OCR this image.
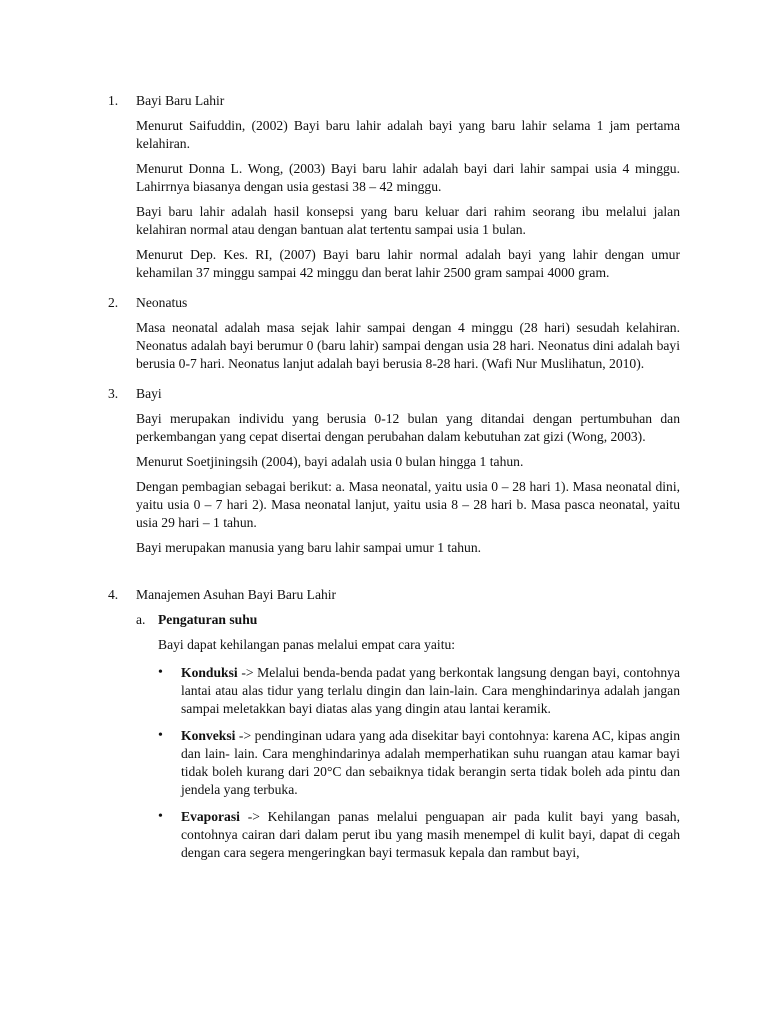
1.	Bayi Baru Lahir

Menurut Saifuddin, (2002) Bayi baru lahir adalah bayi yang baru lahir selama 1 jam pertama kelahiran.

Menurut Donna L. Wong, (2003) Bayi baru lahir adalah bayi dari lahir sampai usia 4 minggu. Lahirrnya biasanya dengan usia gestasi 38 – 42 minggu.

Bayi baru lahir adalah hasil konsepsi yang baru keluar dari rahim seorang ibu melalui jalan kelahiran normal atau dengan bantuan alat tertentu sampai usia 1 bulan.

Menurut Dep. Kes. RI, (2007) Bayi baru lahir normal adalah bayi yang lahir dengan umur kehamilan 37 minggu sampai 42 minggu dan berat lahir 2500 gram sampai 4000 gram.

2.	Neonatus

Masa neonatal adalah masa sejak lahir sampai dengan 4 minggu (28 hari) sesudah kelahiran. Neonatus adalah bayi berumur 0 (baru lahir) sampai dengan usia 28 hari. Neonatus dini adalah bayi berusia 0-7 hari. Neonatus lanjut adalah bayi berusia 8-28 hari. (Wafi Nur Muslihatun, 2010).

3.	Bayi

Bayi merupakan individu yang berusia 0-12 bulan yang ditandai dengan pertumbuhan dan perkembangan yang cepat disertai dengan perubahan dalam kebutuhan zat gizi (Wong, 2003).

Menurut Soetjiningsih (2004), bayi adalah usia 0 bulan hingga 1 tahun.

Dengan pembagian sebagai berikut: a. Masa neonatal, yaitu usia 0 – 28 hari 1). Masa neonatal dini, yaitu usia 0 – 7 hari 2). Masa neonatal lanjut, yaitu usia 8 – 28 hari b. Masa pasca neonatal, yaitu usia 29 hari – 1 tahun.

Bayi merupakan manusia yang baru lahir sampai umur 1 tahun.

4.	Manajemen Asuhan Bayi Baru Lahir
a. Pengaturan suhu

Bayi dapat kehilangan panas melalui empat cara yaitu:

•	Konduksi -> Melalui benda-benda padat yang berkontak langsung dengan bayi, contohnya lantai atau alas tidur yang terlalu dingin dan lain-lain. Cara menghindarinya adalah jangan sampai meletakkan bayi diatas alas yang dingin atau lantai keramik.
•	Konveksi -> pendinginan udara yang ada disekitar bayi contohnya: karena AC, kipas angin dan lain- lain. Cara menghindarinya adalah memperhatikan suhu ruangan atau kamar bayi tidak boleh kurang dari 20°C dan sebaiknya tidak berangin serta tidak boleh ada pintu dan jendela yang terbuka.
•	Evaporasi -> Kehilangan panas melalui penguapan air pada kulit bayi yang basah, contohnya cairan dari dalam perut ibu yang masih menempel di kulit bayi, dapat di cegah dengan cara segera mengeringkan bayi termasuk kepala dan rambut bayi,
